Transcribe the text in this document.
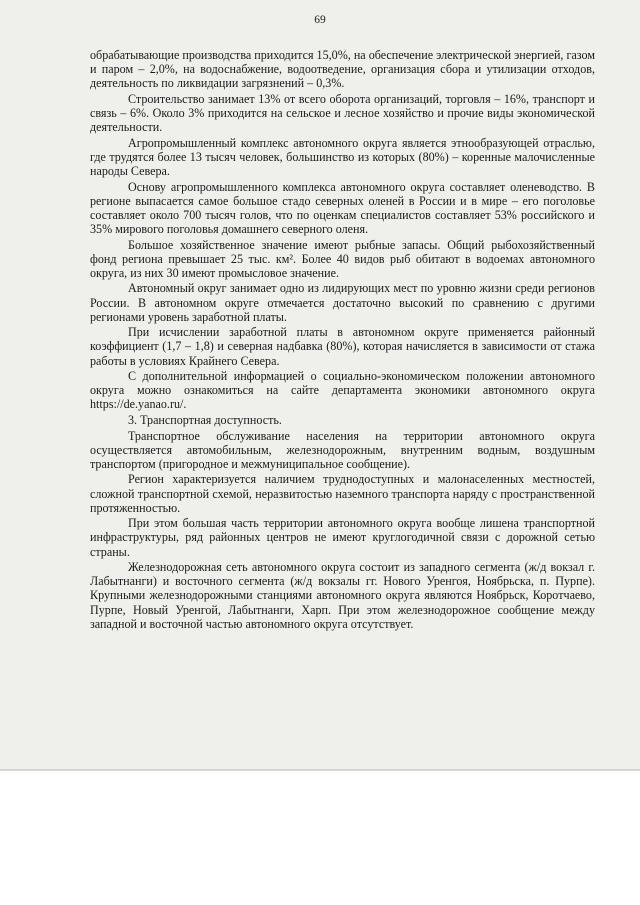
69

обрабатывающие производства приходится 15,0%, на обеспечение электрической энергией, газом и паром – 2,0%, на водоснабжение, водоотведение, организация сбора и утилизации отходов, деятельность по ликвидации загрязнений – 0,3%.

Строительство занимает 13% от всего оборота организаций, торговля – 16%, транспорт и связь – 6%. Около 3% приходится на сельское и лесное хозяйство и прочие виды экономической деятельности.

Агропромышленный комплекс автономного округа является этнообразующей отраслью, где трудятся более 13 тысяч человек, большинство из которых (80%) – коренные малочисленные народы Севера.

Основу агропромышленного комплекса автономного округа составляет оленеводство. В регионе выпасается самое большое стадо северных оленей в России и в мире – его поголовье составляет около 700 тысяч голов, что по оценкам специалистов составляет 53% российского и 35% мирового поголовья домашнего северного оленя.

Большое хозяйственное значение имеют рыбные запасы. Общий рыбохозяйственный фонд региона превышает 25 тыс. км². Более 40 видов рыб обитают в водоемах автономного округа, из них 30 имеют промысловое значение.

Автономный округ занимает одно из лидирующих мест по уровню жизни среди регионов России. В автономном округе отмечается достаточно высокий по сравнению с другими регионами уровень заработной платы.

При исчислении заработной платы в автономном округе применяется районный коэффициент (1,7 – 1,8) и северная надбавка (80%), которая начисляется в зависимости от стажа работы в условиях Крайнего Севера.

С дополнительной информацией о социально-экономическом положении автономного округа можно ознакомиться на сайте департамента экономики автономного округа https://de.yanao.ru/.

3. Транспортная доступность.

Транспортное обслуживание населения на территории автономного округа осуществляется автомобильным, железнодорожным, внутренним водным, воздушным транспортом (пригородное и межмуниципальное сообщение).

Регион характеризуется наличием труднодоступных и малонаселенных местностей, сложной транспортной схемой, неразвитостью наземного транспорта наряду с пространственной протяженностью.

При этом большая часть территории автономного округа вообще лишена транспортной инфраструктуры, ряд районных центров не имеют круглогодичной связи с дорожной сетью страны.

Железнодорожная сеть автономного округа состоит из западного сегмента (ж/д вокзал г. Лабытнанги) и восточного сегмента (ж/д вокзалы гг. Нового Уренгоя, Ноябрьска, п. Пурпе). Крупными железнодорожными станциями автономного округа являются Ноябрьск, Коротчаево, Пурпе, Новый Уренгой, Лабытнанги, Харп. При этом железнодорожное сообщение между западной и восточной частью автономного округа отсутствует.
